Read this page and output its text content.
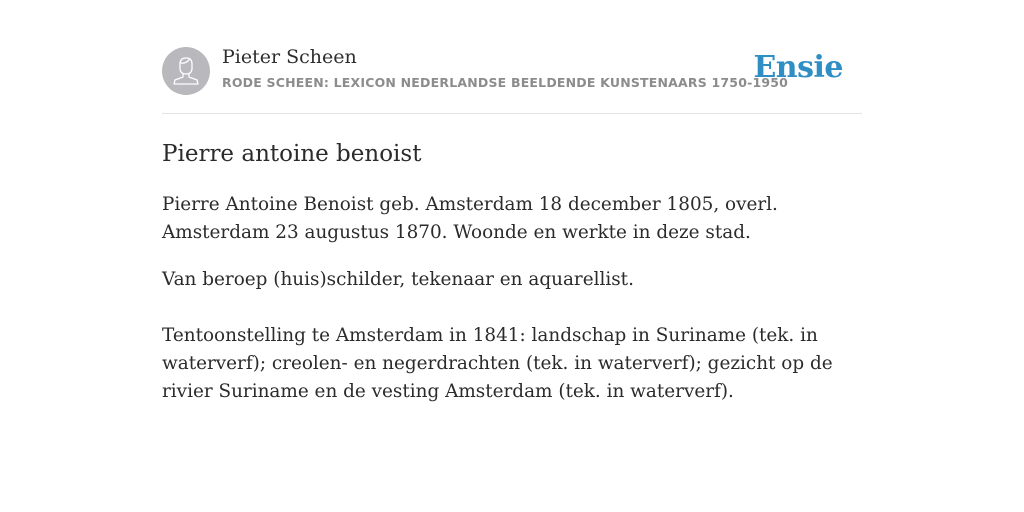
Pieter Scheen
RODE SCHEEN: LEXICON NEDERLANDSE BEELDENDE KUNSTENAARS 1750-1950
Ensie
Pierre antoine benoist

Pierre Antoine Benoist geb. Amsterdam 18 december 1805, overl. Amsterdam 23 augustus 1870. Woonde en werkte in deze stad.

Van beroep (huis)schilder, tekenaar en aquarellist.

Tentoonstelling te Amsterdam in 1841: landschap in Suriname (tek. in waterverf); creolen- en negerdrachten (tek. in waterverf); gezicht op de rivier Suriname en de vesting Amsterdam (tek. in waterverf).
